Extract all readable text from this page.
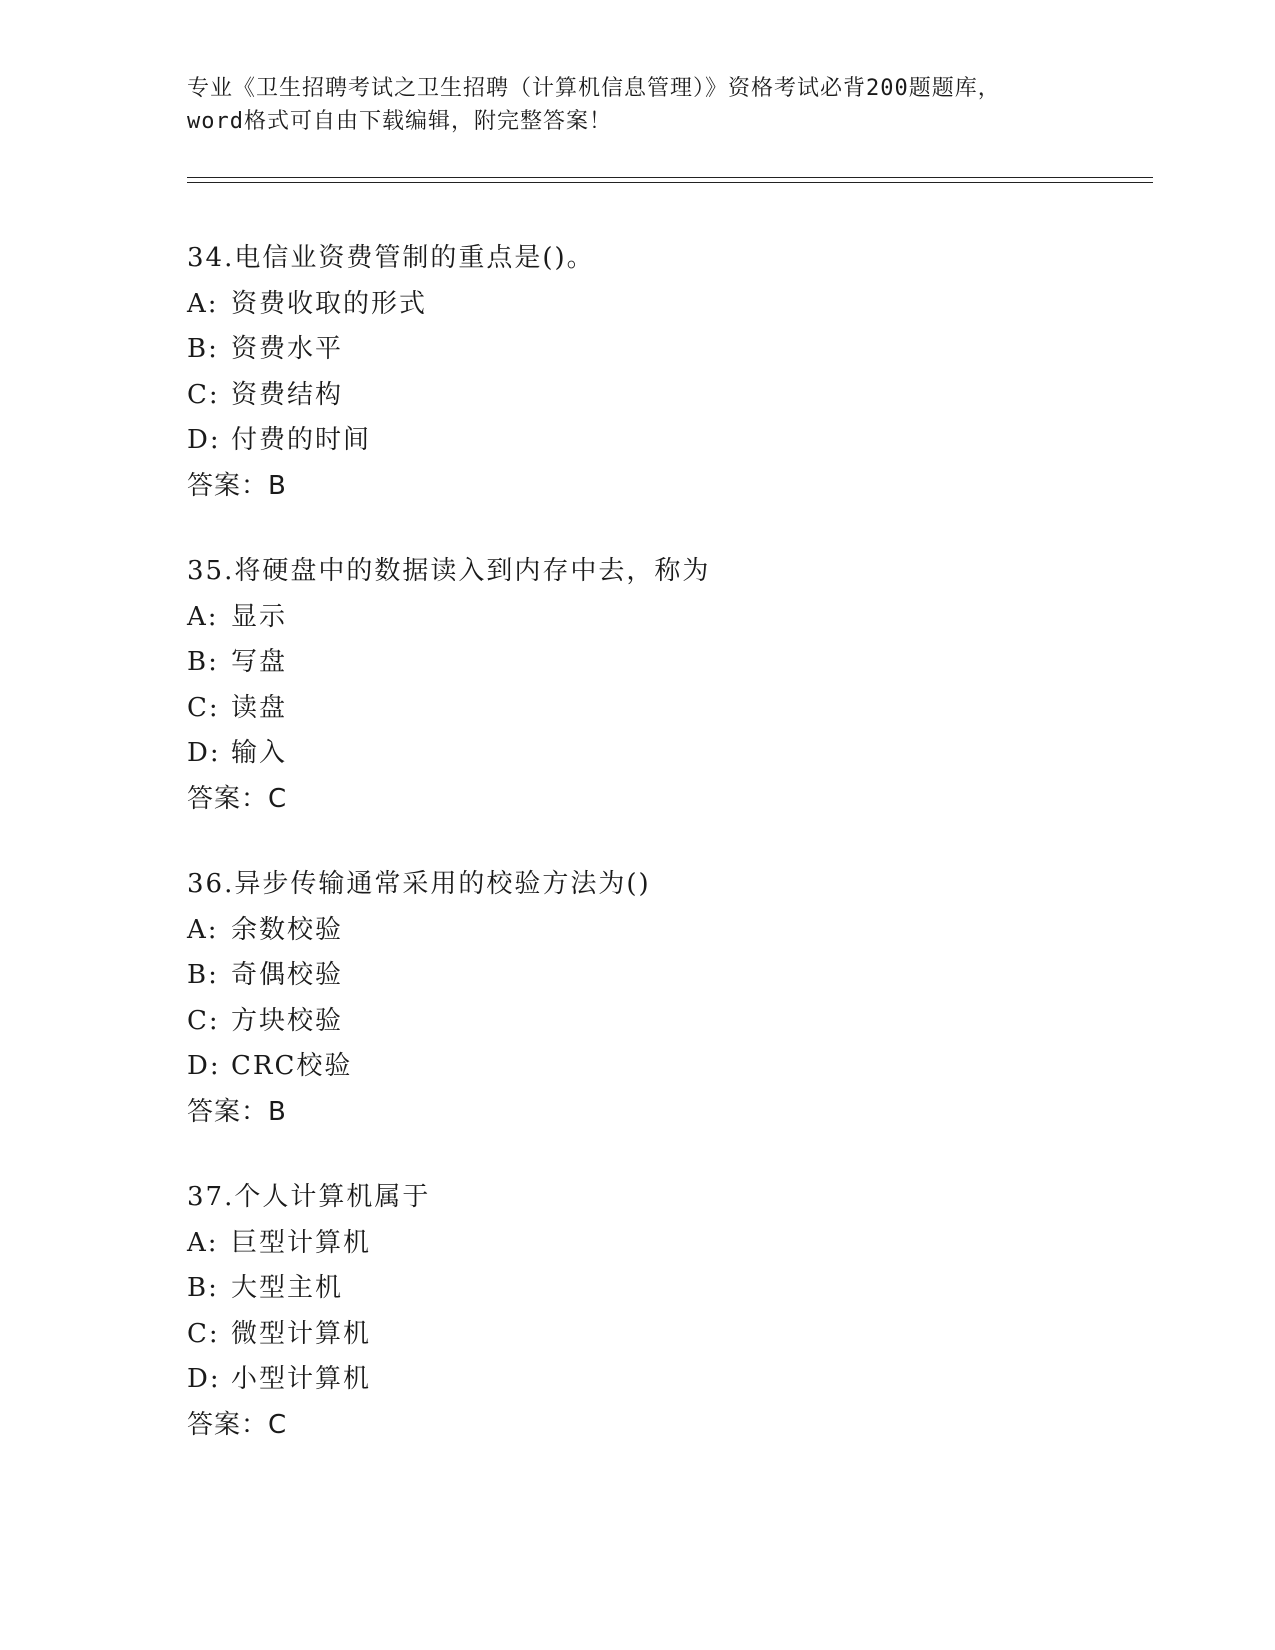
专业《卫生招聘考试之卫生招聘（计算机信息管理）》资格考试必背200题题库，
word格式可自由下载编辑，附完整答案！
34.电信业资费管制的重点是()。
A: 资费收取的形式
B: 资费水平
C: 资费结构
D: 付费的时间
答案：B
35.将硬盘中的数据读入到内存中去，称为
A: 显示
B: 写盘
C: 读盘
D: 输入
答案：C
36.异步传输通常采用的校验方法为()
A: 余数校验
B: 奇偶校验
C: 方块校验
D: CRC校验
答案：B
37.个人计算机属于
A: 巨型计算机
B: 大型主机
C: 微型计算机
D: 小型计算机
答案：C
